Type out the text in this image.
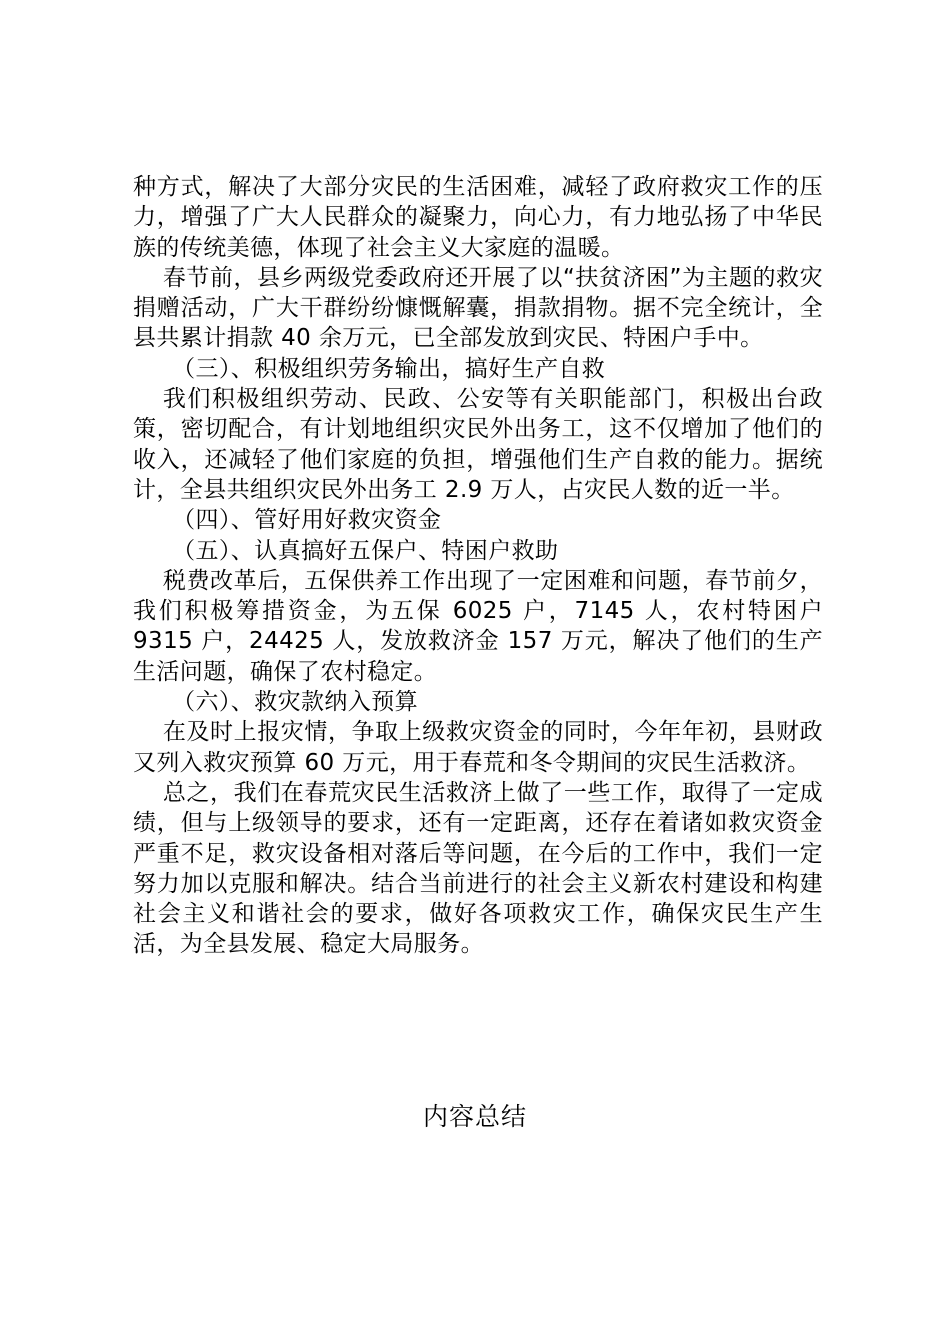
种方式，解决了大部分灾民的生活困难，减轻了政府救灾工作的压力，增强了广大人民群众的凝聚力，向心力，有力地弘扬了中华民族的传统美德，体现了社会主义大家庭的温暖。

春节前，县乡两级党委政府还开展了以“扶贫济困”为主题的救灾捐赠活动，广大干群纷纷慷慨解囊，捐款捐物。据不完全统计，全县共累计捐款 40 余万元，已全部发放到灾民、特困户手中。

（三）、积极组织劳务输出，搞好生产自救

我们积极组织劳动、民政、公安等有关职能部门，积极出台政策，密切配合，有计划地组织灾民外出务工，这不仅增加了他们的收入，还减轻了他们家庭的负担，增强他们生产自救的能力。据统计，全县共组织灾民外出务工 2.9 万人，占灾民人数的近一半。

（四）、管好用好救灾资金

（五）、认真搞好五保户、特困户救助

税费改革后，五保供养工作出现了一定困难和问题，春节前夕，我们积极筹措资金，为五保 6025 户，7145 人，农村特困户 9315 户，24425 人，发放救济金 157 万元，解决了他们的生产生活问题，确保了农村稳定。

（六）、救灾款纳入预算

在及时上报灾情，争取上级救灾资金的同时，今年年初，县财政又列入救灾预算 60 万元，用于春荒和冬令期间的灾民生活救济。

总之，我们在春荒灾民生活救济上做了一些工作，取得了一定成绩，但与上级领导的要求，还有一定距离，还存在着诸如救灾资金严重不足，救灾设备相对落后等问题，在今后的工作中，我们一定努力加以克服和解决。结合当前进行的社会主义新农村建设和构建社会主义和谐社会的要求，做好各项救灾工作，确保灾民生产生活，为全县发展、稳定大局服务。

内容总结
